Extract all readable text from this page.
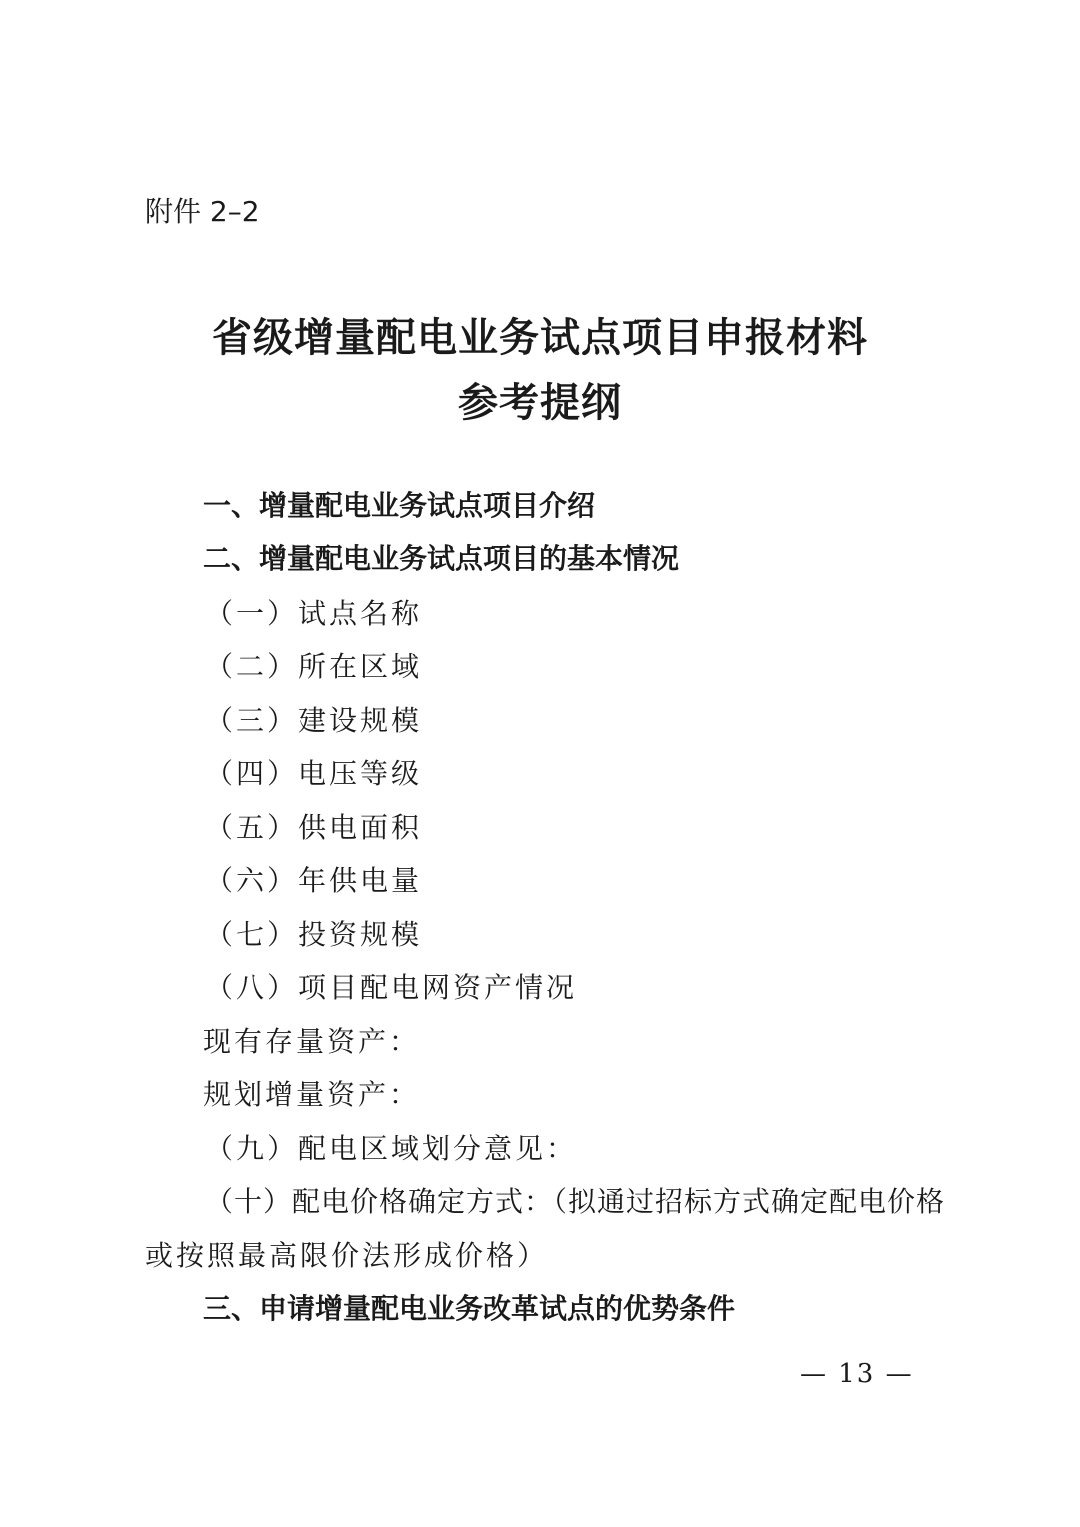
附件 2–2
省级增量配电业务试点项目申报材料
参考提纲
一、增量配电业务试点项目介绍
二、增量配电业务试点项目的基本情况
（一）试点名称
（二）所在区域
（三）建设规模
（四）电压等级
（五）供电面积
（六）年供电量
（七）投资规模
（八）项目配电网资产情况
现有存量资产：
规划增量资产：
（九）配电区域划分意见：
（十）配电价格确定方式：（拟通过招标方式确定配电价格
或按照最高限价法形成价格）
三、申请增量配电业务改革试点的优势条件
— 13 —
